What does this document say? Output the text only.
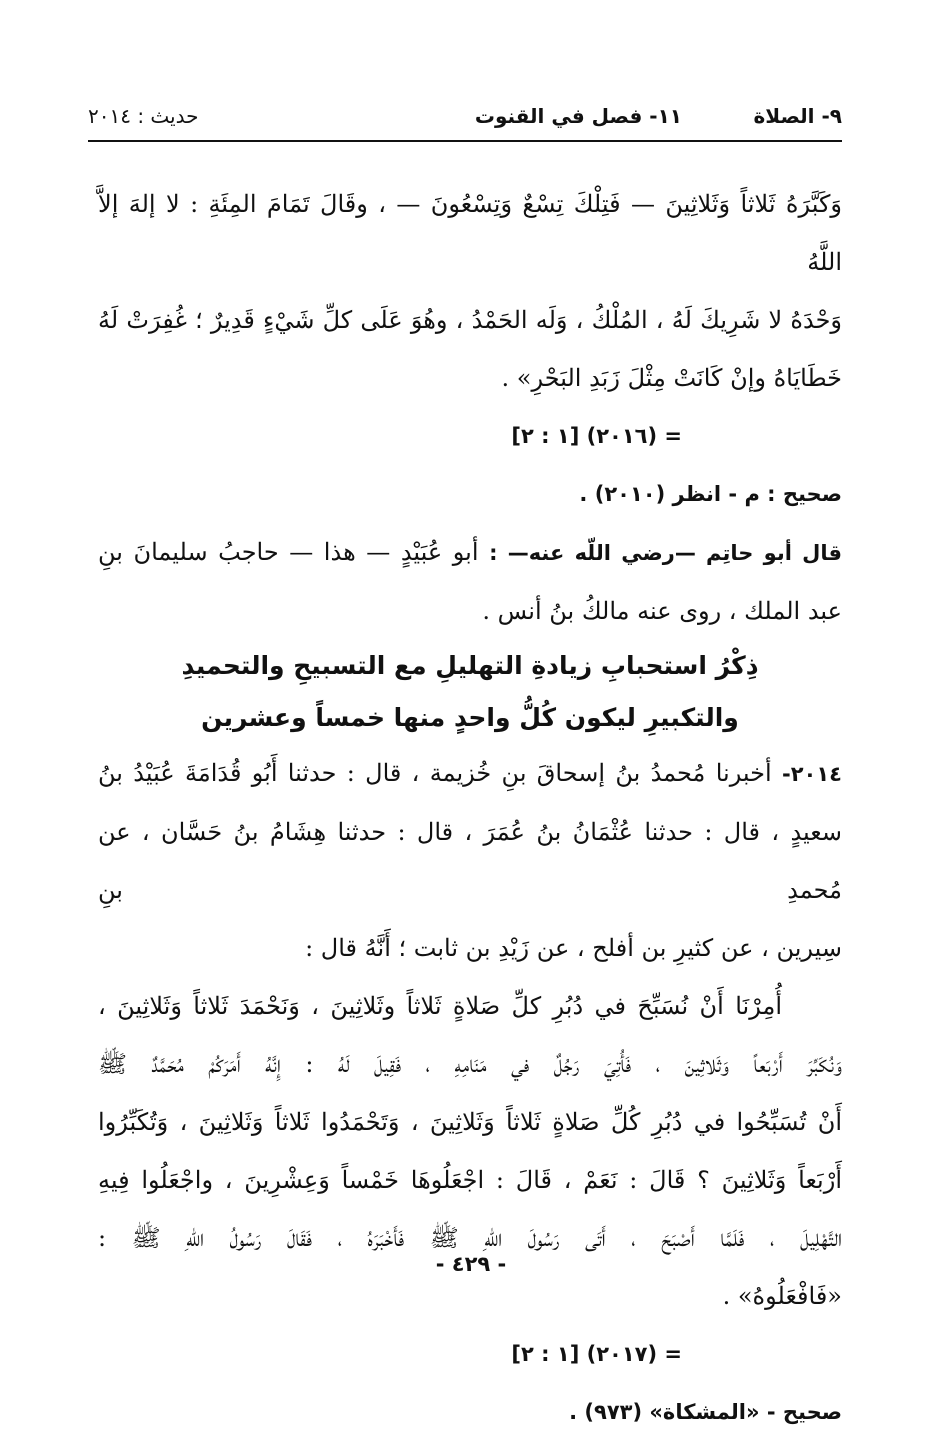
٩- الصلاة
١١- فصل في القنوت
حديث : ٢٠١٤

وَكَبَّرَهُ ثَلاثاً وَثَلاثِينَ — فَتِلْكَ تِسْعٌ وَتِسْعُونَ — ، وقَالَ تَمَامَ المِئَةِ : لا إلهَ إلاَّ اللَّهُ

وَحْدَهُ لا شَرِيكَ لَهُ ، المُلْكُ ، وَلَه الحَمْدُ ، وهُوَ عَلَى كلِّ شَيْءٍ قَدِيرٌ ؛ غُفِرَتْ لَهُ

خَطَايَاهُ وإنْ كَانَتْ مِثْلَ زَبَدِ البَحْرِ» .

= (٢٠١٦) [١ : ٢]

صحيح : م - انظر (٢٠١٠) .

قال أبو حاتِم —رضي اللّه عنه— : أبو عُبَيْدٍ — هذا — حاجبُ سليمانَ بنِ

عبد الملك ، روى عنه مالكُ بنُ أنس .

ذِكْرُ استحبابِ زيادةِ التهليلِ مع التسبيحِ والتحميدِ

والتكبيرِ ليكون كُلُّ واحدٍ منها خمساً وعشرين

٢٠١٤- أخبرنا مُحمدُ بنُ إسحاقَ بنِ خُزيمة ، قال : حدثنا أَبُو قُدَامَةَ عُبَيْدُ بنُ

سعيدٍ ، قال : حدثنا عُثْمَانُ بنُ عُمَرَ ، قال : حدثنا هِشَامُ بنُ حَسَّان ، عن مُحمدِ بنِ

سِيرين ، عن كثيرِ بن أفلح ، عن زَيْدِ بن ثابت ؛ أَنَّهُ قال :

أُمِرْنَا أَنْ نُسَبِّحَ في دُبُرِ كلِّ صَلاةٍ ثَلاثاً وثَلاثِينَ ، وَنَحْمَدَ ثَلاثاً وَثَلاثِينَ ،

وَنُكَبِّرَ أَرْبَعاً وَثَلاثِينَ ، فَأُتِيَ رَجُلٌ في مَنَامِهِ ، فَقِيلَ لَهُ : إِنَّهُ أَمَرَكُمْ مُحَمَّدٌ ﷺ

أَنْ تُسَبِّحُوا في دُبُرِ كُلِّ صَلاةٍ ثَلاثاً وَثَلاثِينَ ، وَتَحْمَدُوا ثَلاثاً وَثَلاثِينَ ، وَتُكَبِّرُوا

أَرْبَعاً وَثَلاثِينَ ؟ قَالَ : نَعَمْ ، قَالَ : اجْعَلُوهَا خَمْساً وَعِشْرِينَ ، واجْعَلُوا فِيهِ

التَّهْلِيلَ ، فَلَمَّا أَصْبَحَ ، أَتَى رَسُولَ اللّهِ ﷺ فَأَخْبَرَهُ ، فَقَالَ رَسُولُ اللّهِ ﷺ :

«فَافْعَلُوهُ» .

= (٢٠١٧) [١ : ٢]

صحيح - «المشكاة» (٩٧٣) .

- ٤٢٩ -
